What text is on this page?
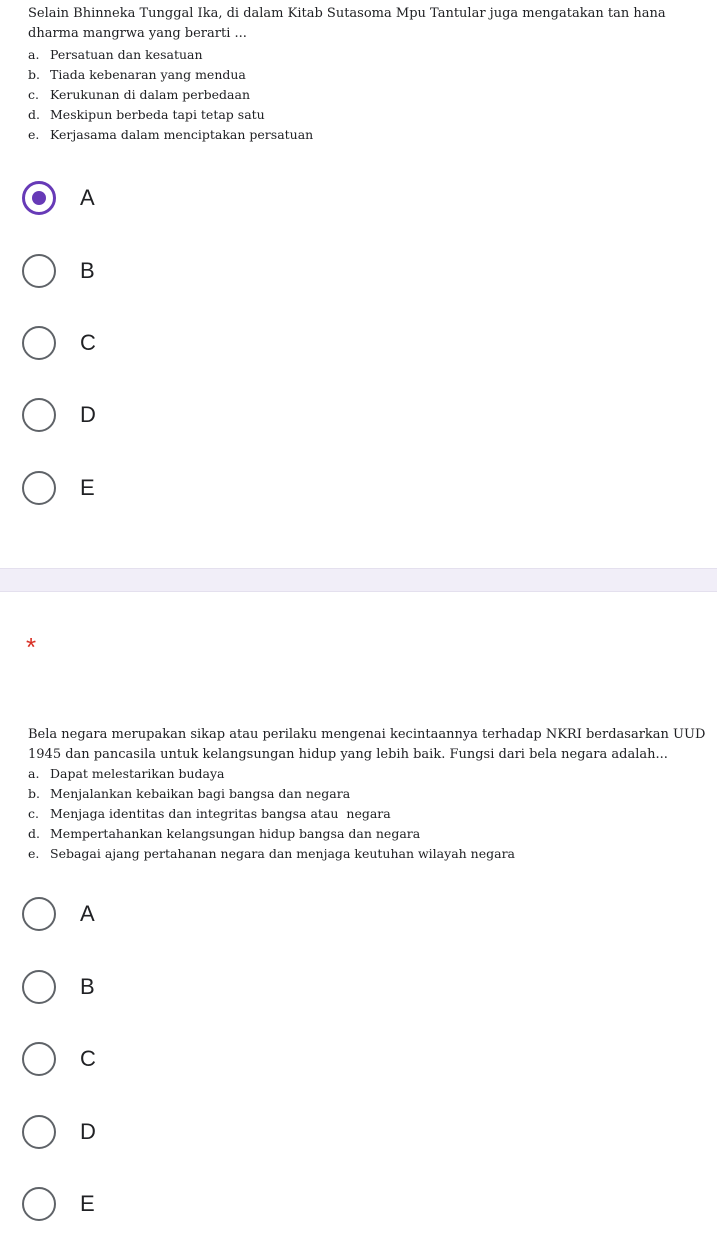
Selain Bhinneka Tunggal Ika, di dalam Kitab Sutasoma Mpu Tantular juga mengatakan tan hana dharma mangrwa yang berarti ...

a. Persatuan dan kesatuan
b. Tiada kebenaran yang mendua
c. Kerukunan di dalam perbedaan
d. Meskipun berbeda tapi tetap satu
e. Kerjasama dalam menciptakan persatuan
A
B
C
D
E
*

Bela negara merupakan sikap atau perilaku mengenai kecintaannya terhadap NKRI berdasarkan UUD 1945 dan pancasila untuk kelangsungan hidup yang lebih baik. Fungsi dari bela negara adalah...

a. Dapat melestarikan budaya
b. Menjalankan kebaikan bagi bangsa dan negara
c. Menjaga identitas dan integritas bangsa atau  negara
d. Mempertahankan kelangsungan hidup bangsa dan negara
e. Sebagai ajang pertahanan negara dan menjaga keutuhan wilayah negara
A
B
C
D
E
